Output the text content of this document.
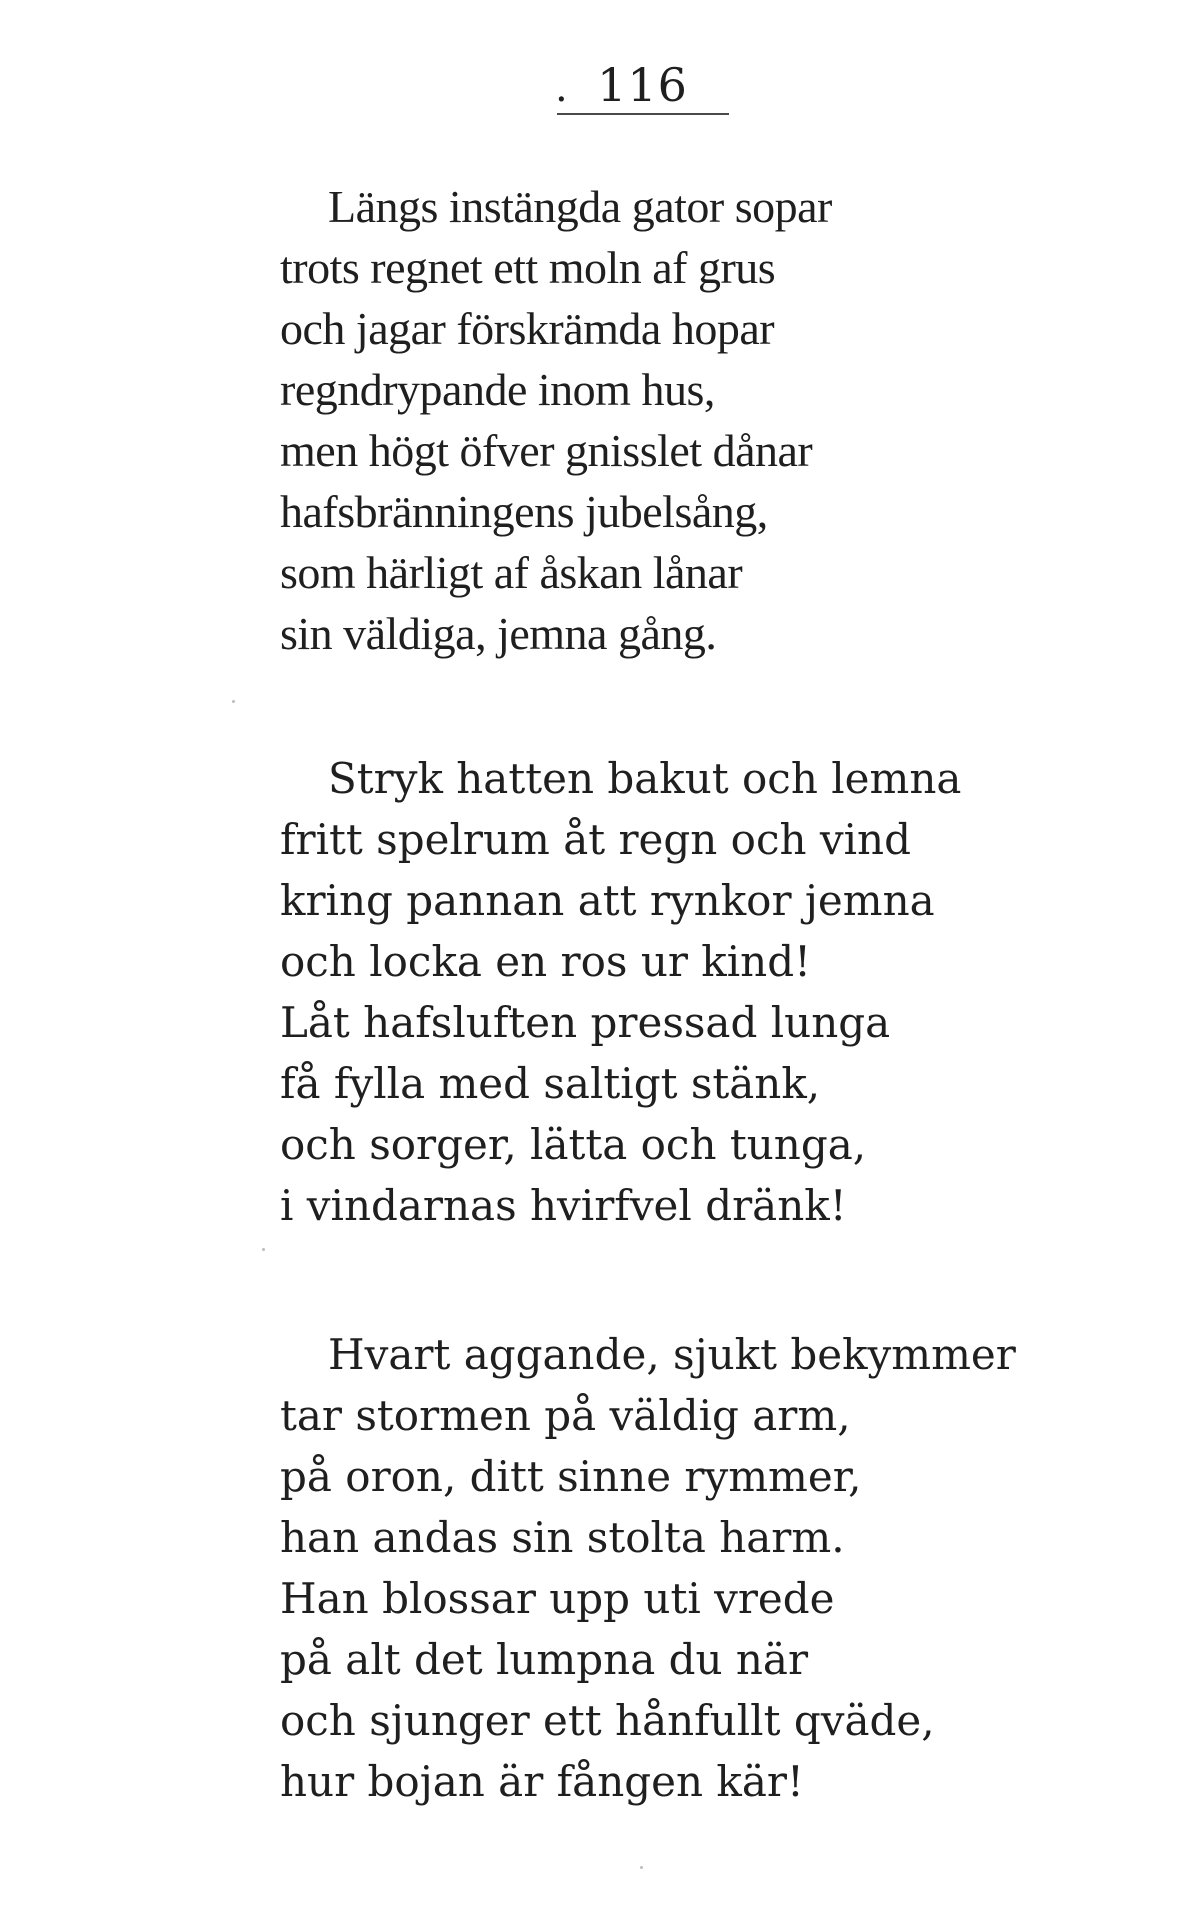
. 116
Längs instängda gator sopar
trots regnet ett moln af grus
och jagar förskrämda hopar
regndrypande inom hus,
men högt öfver gnisslet dånar
hafsbränningens jubelsång,
som härligt af åskan lånar
sin väldiga, jemna gång.
Stryk hatten bakut och lemna
fritt spelrum åt regn och vind
kring pannan att rynkor jemna
och locka en ros ur kind!
Låt hafsluften pressad lunga
få fylla med saltigt stänk,
och sorger, lätta och tunga,
i vindarnas hvirfvel dränk!
Hvart aggande, sjukt bekymmer
tar stormen på väldig arm,
på oron, ditt sinne rymmer,
han andas sin stolta harm.
Han blossar upp uti vrede
på alt det lumpna du när
och sjunger ett hånfullt qväde,
hur bojan är fången kär!
